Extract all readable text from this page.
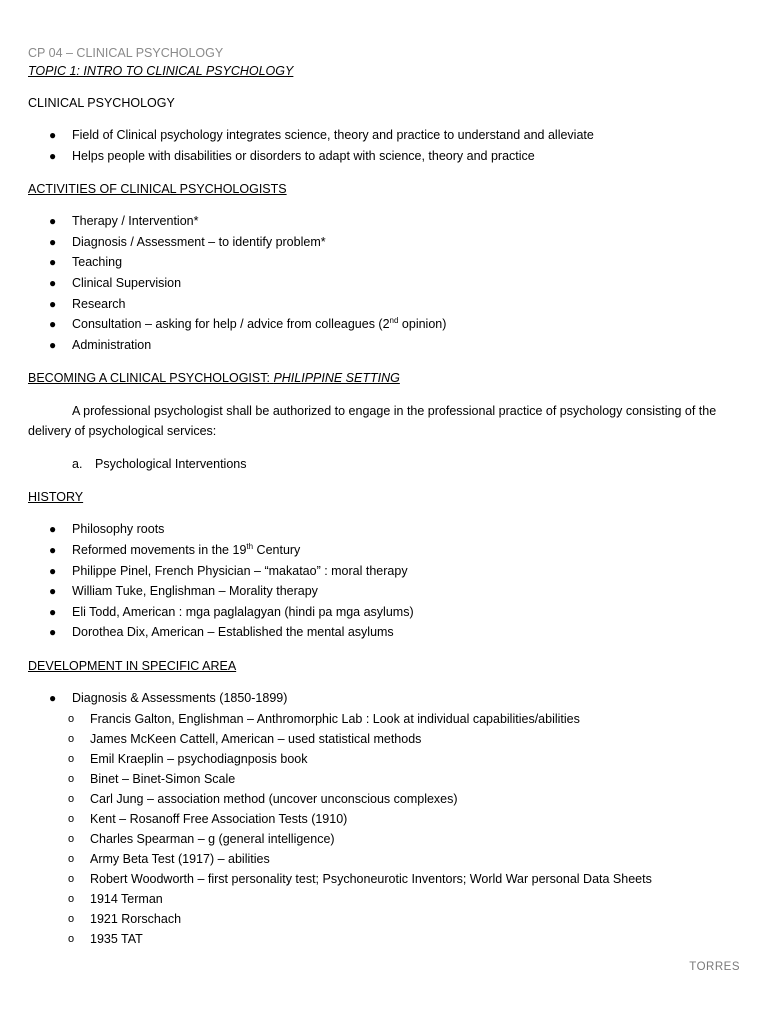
CP 04 – CLINICAL PSYCHOLOGY

TOPIC 1: INTRO TO CLINICAL PSYCHOLOGY

CLINICAL PSYCHOLOGY

● Field of Clinical psychology integrates science, theory and practice to understand and alleviate
● Helps people with disabilities or disorders to adapt with science, theory and practice

ACTIVITIES OF CLINICAL PSYCHOLOGISTS

● Therapy / Intervention*
● Diagnosis / Assessment – to identify problem*
● Teaching
● Clinical Supervision
● Research
● Consultation – asking for help / advice from colleagues (2nd opinion)
● Administration

BECOMING A CLINICAL PSYCHOLOGIST: PHILIPPINE SETTING

A professional psychologist shall be authorized to engage in the professional practice of psychology consisting of the delivery of psychological services:

a. Psychological Interventions

HISTORY

● Philosophy roots
● Reformed movements in the 19th Century
● Philippe Pinel, French Physician – “makatao” : moral therapy
● William Tuke, Englishman – Morality therapy
● Eli Todd, American : mga paglalagyan (hindi pa mga asylums)
● Dorothea Dix, American – Established the mental asylums

DEVELOPMENT IN SPECIFIC AREA

● Diagnosis & Assessments (1850-1899)
o Francis Galton, Englishman – Anthromorphic Lab : Look at individual capabilities/abilities
o James McKeen Cattell, American – used statistical methods
o Emil Kraeplin – psychodiagnposis book
o Binet – Binet-Simon Scale
o Carl Jung – association method (uncover unconscious complexes)
o Kent – Rosanoff Free Association Tests (1910)
o Charles Spearman – g (general intelligence)
o Army Beta Test (1917) – abilities
o Robert Woodworth – first personality test; Psychoneurotic Inventors; World War personal Data Sheets
o 1914 Terman
o 1921 Rorschach
o 1935 TAT
TORRES
